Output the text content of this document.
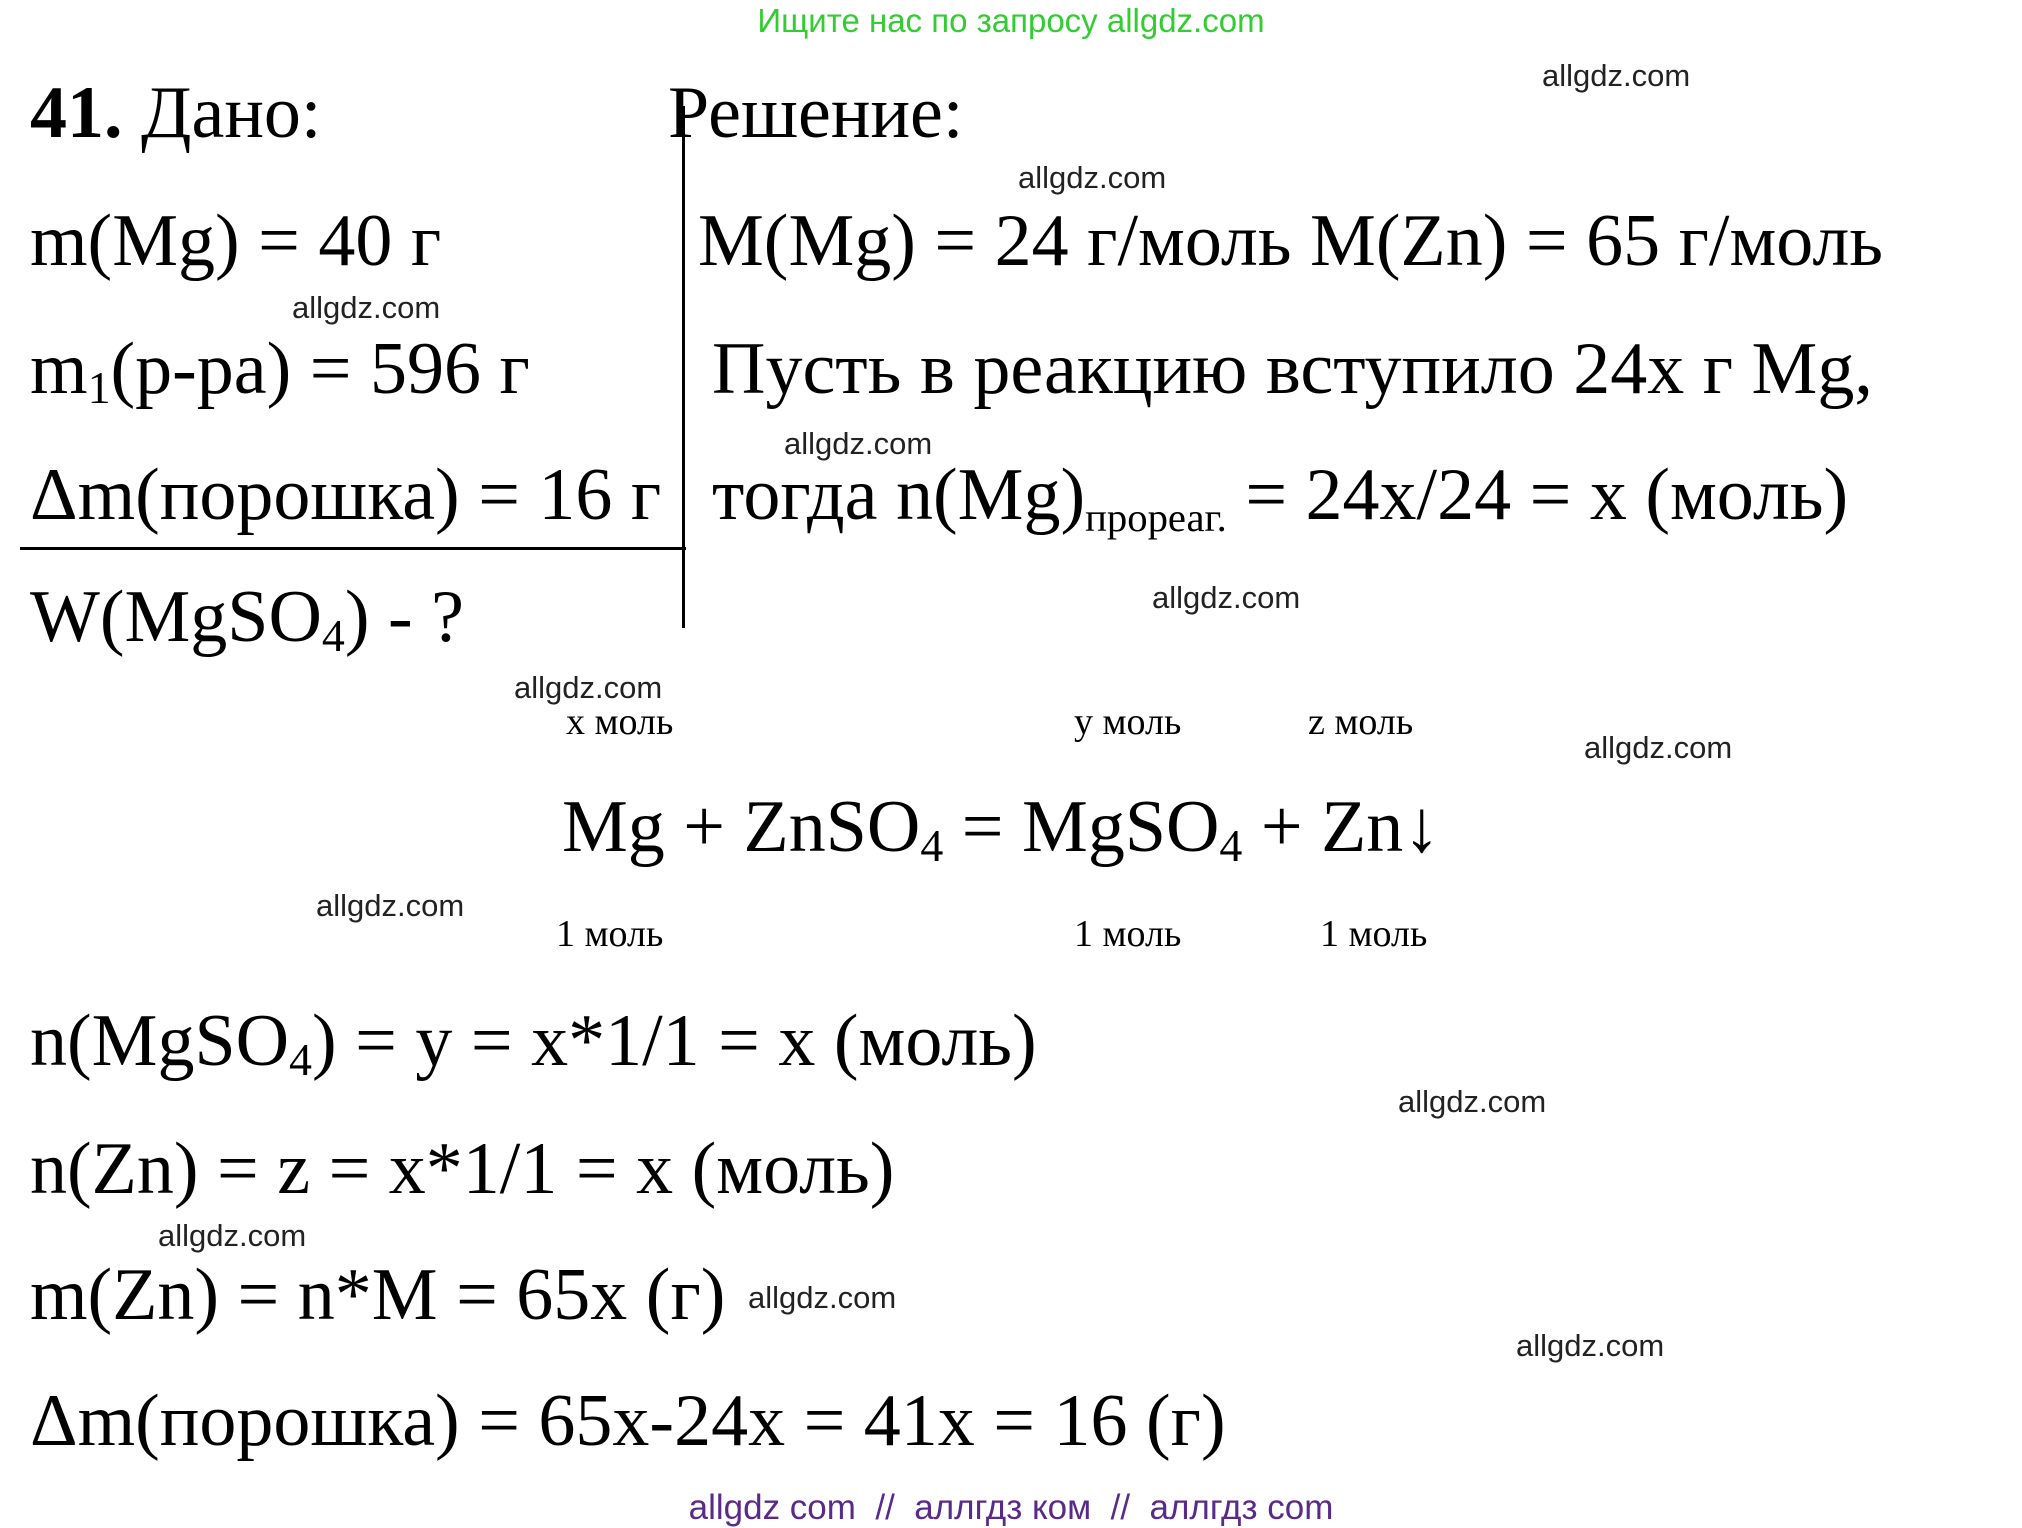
Ищите нас по запросу allgdz.com
41. Дано:
m(Mg) = 40 г
$m_1(р-ра) = 596$ г
Δm(порошка) = 16 г
W(MgSO$_4$) - ?
Решение:
M(Mg) = 24 г/моль M(Zn) = 65 г/моль
Пусть в реакцию вступило 24x г Mg,
тогда n(Mg)прореаг. = 24x/24 = x (моль)
x моль	y моль	z моль
Mg + ZnSO$_4$ = MgSO$_4$ + Zn↓
1 моль	1 моль	1 моль
n(MgSO$_4$) = y = x*1/1 = x (моль)
n(Zn) = z = x*1/1 = x (моль)
m(Zn) = n*M = 65x (г)
Δm(порошка) = 65x-24x = 41x = 16 (г)
allgdz.com
allgdz.com
allgdz.com
allgdz.com
allgdz.com
allgdz.com
allgdz.com
allgdz.com
allgdz.com
allgdz.com
allgdz.com
allgdz.com
allgdz com  //  аллгдз ком  //  аллгдз com
